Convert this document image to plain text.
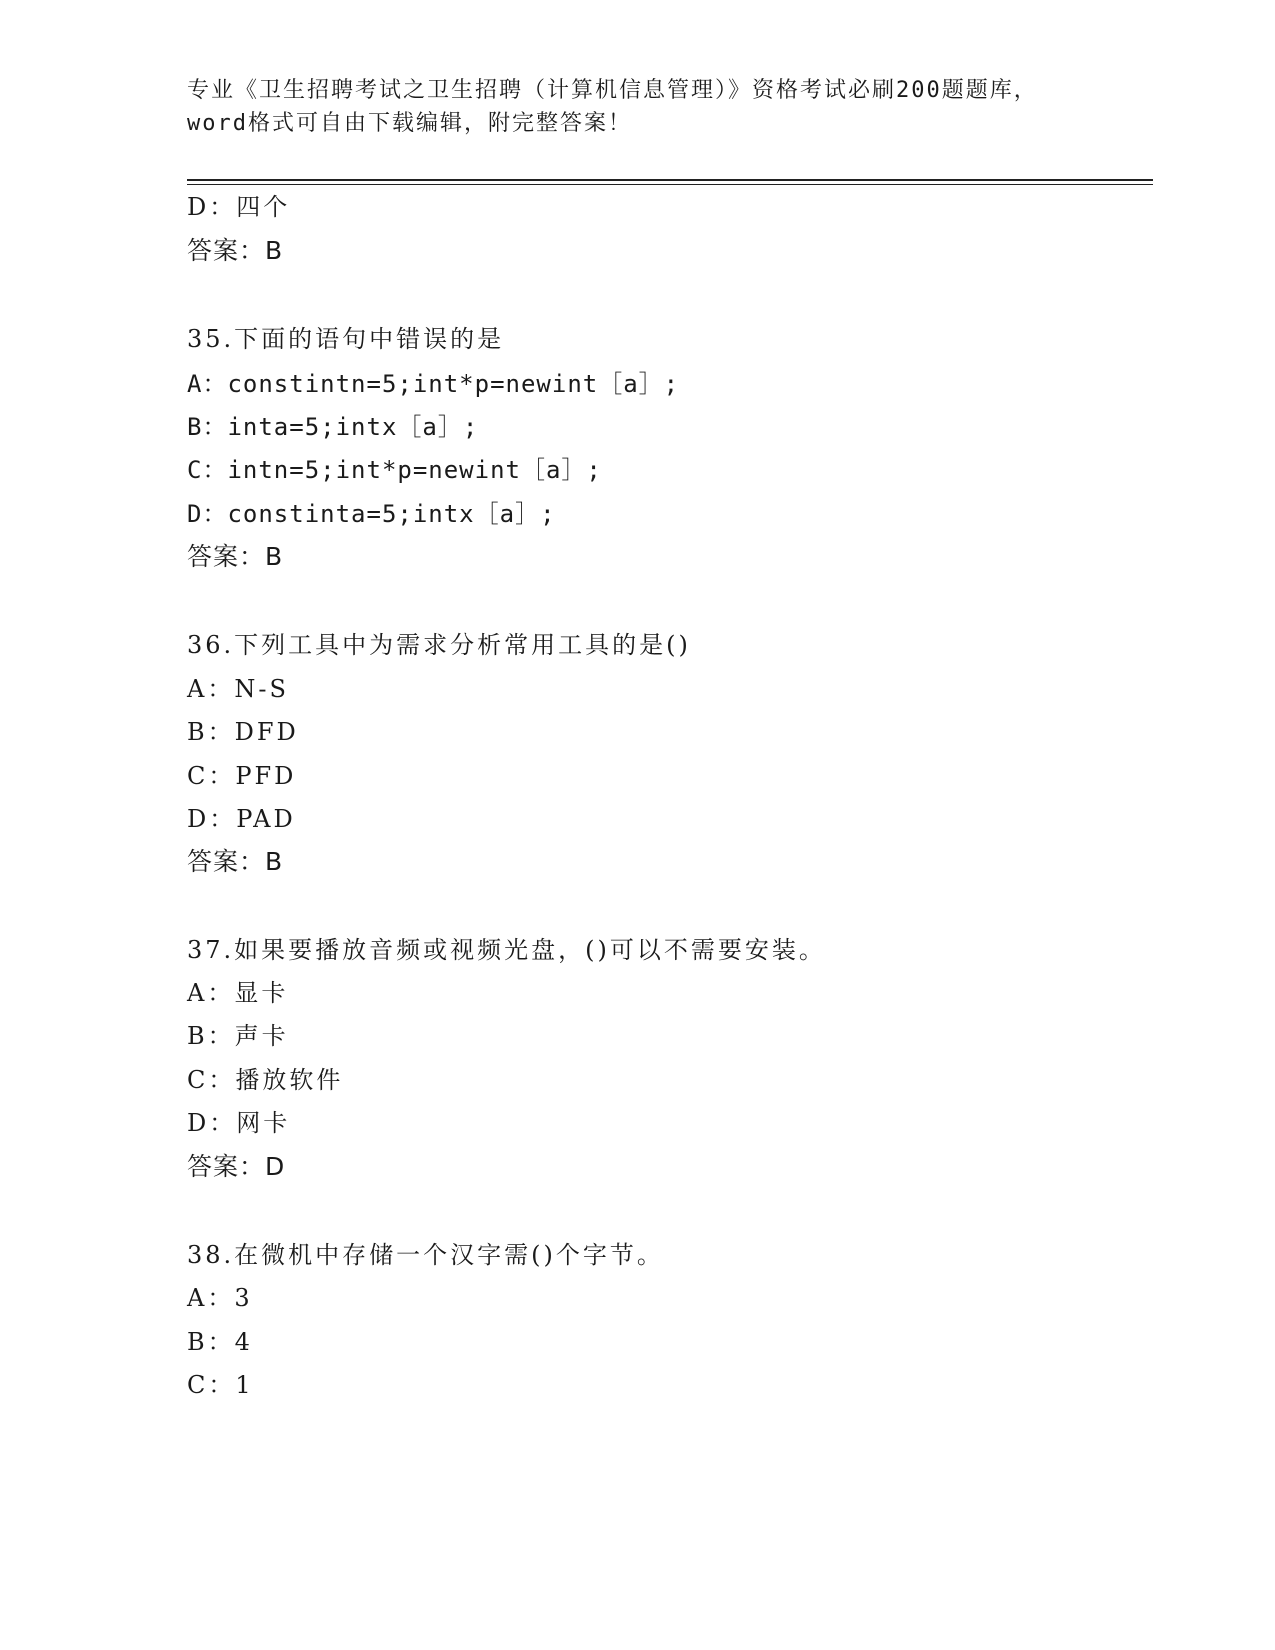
专业《卫生招聘考试之卫生招聘（计算机信息管理）》资格考试必刷200题题库，
word格式可自由下载编辑，附完整答案！
D：四个
答案：B
35.下面的语句中错误的是
A：constintn=5;int*p=newint［a］;
B：inta=5;intx［a］;
C：intn=5;int*p=newint［a］;
D：constinta=5;intx［a］;
答案：B
36.下列工具中为需求分析常用工具的是()
A：N-S
B：DFD
C：PFD
D：PAD
答案：B
37.如果要播放音频或视频光盘，()可以不需要安装。
A：显卡
B：声卡
C：播放软件
D：网卡
答案：D
38.在微机中存储一个汉字需()个字节。
A：3
B：4
C：1
